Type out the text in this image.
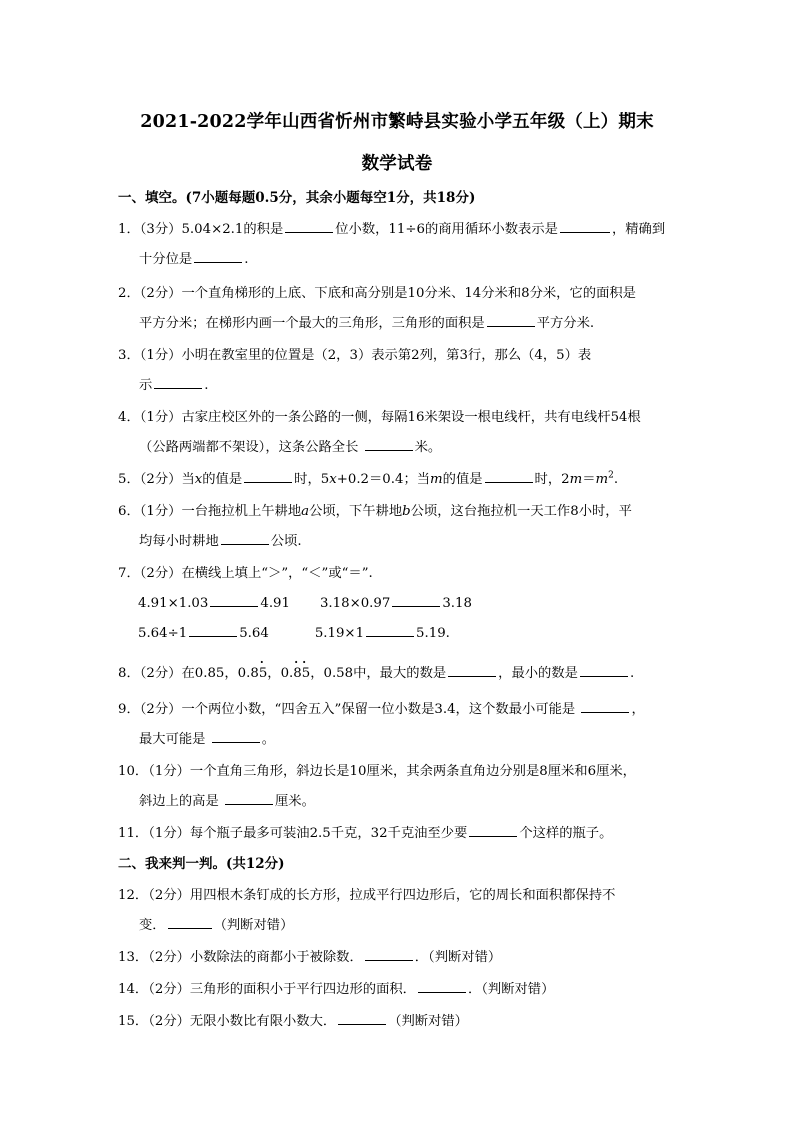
2021-2022学年山西省忻州市繁峙县实验小学五年级（上）期末
数学试卷
一、填空。(7小题每题0.5分，其余小题每空1分，共18分)
1．（3分）5.04×2.1的积是	位小数，11÷6的商用循环小数表示是	，精确到
十分位是	.
2．（2分）一个直角梯形的上底、下底和高分别是10分米、14分米和8分米，它的面积是
平方分米；在梯形内画一个最大的三角形，三角形的面积是	平方分米.
3．（1分）小明在教室里的位置是（2，3）表示第2列，第3行，那么（4，5）表
示	.
4．（1分）古家庄校区外的一条公路的一侧，每隔16米架设一根电线杆，共有电线杆54根
（公路两端都不架设），这条公路全长	米。
5．（2分）当x的值是	时，5x+0.2＝0.4；当m的值是	时，$2m=m^2$.
6．（1分）一台拖拉机上午耕地a公顷，下午耕地b公顷，这台拖拉机一天工作8小时，平
均每小时耕地	公顷.
7．（2分）在横线上填上“＞”，“＜”或“＝”.
4.91×1.03	4.91 3.18×0.97	3.18
5.64÷1	5.64	5.19×1	5.19.
8．（2分）在0.85，0.8
·
5，0.
· ·
85，0.58中，最大的数是	，最小的数是	.
9．（2分）一个两位小数，“四舍五入”保留一位小数是3.4，这个数最小可能是	，
最大可能是	。
10．（1分）一个直角三角形，斜边长是10厘米，其余两条直角边分别是8厘米和6厘米，
斜边上的高是	厘米。
11．（1分）每个瓶子最多可装油2.5千克，32千克油至少要	个这样的瓶子。
二、我来判一判。(共12分)
12．（2分）用四根木条钉成的长方形，拉成平行四边形后，它的周长和面积都保持不
变．	（判断对错）
13．（2分）小数除法的商都小于被除数．	．（判断对错）
14．（2分）三角形的面积小于平行四边形的面积．	．（判断对错）
15．（2分）无限小数比有限小数大．	（判断对错）
